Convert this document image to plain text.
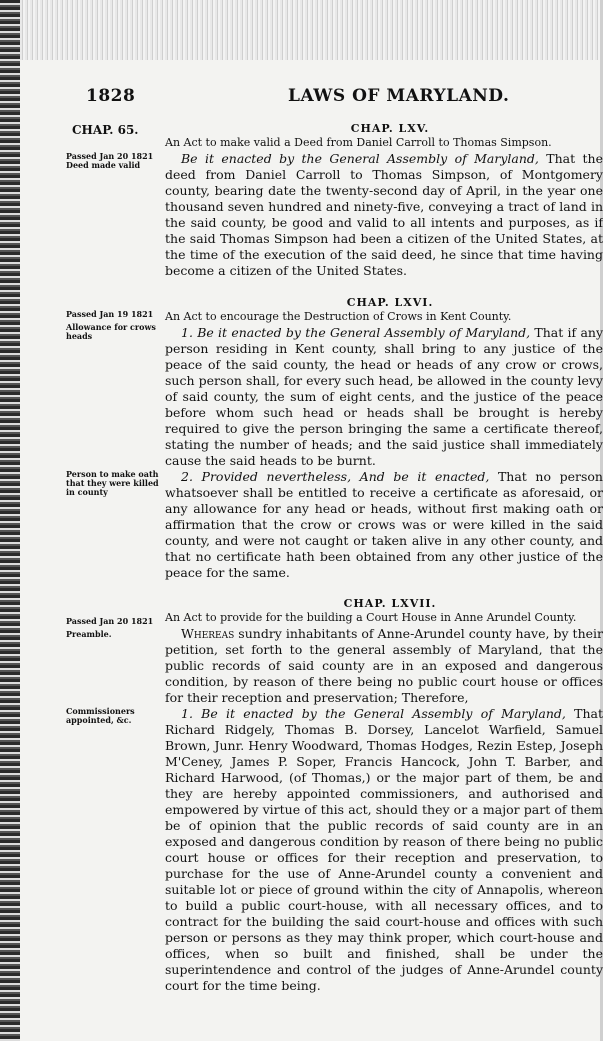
1828	LAWS OF MARYLAND.
CHAP. 65.
Passed Jan 20 1821 Deed made valid
CHAP. LXV.
An Act to make valid a Deed from Daniel Carroll to Thomas Simpson.

Be it enacted by the General Assembly of Maryland, That the deed from Daniel Carroll to Thomas Simpson, of Montgomery county, bearing date the twenty-second day of April, in the year one thousand seven hundred and ninety-five, conveying a tract of land in the said county, be good and valid to all intents and purposes, as if the said Thomas Simpson had been a citizen of the United States, at the time of the execution of the said deed, he since that time having become a citizen of the United States.

Passed Jan 19 1821
Allowance for crows heads
Person to make oath that they were killed in county
CHAP. LXVI.
An Act to encourage the Destruction of Crows in Kent County.

1. Be it enacted by the General Assembly of Maryland, That if any person residing in Kent county, shall bring to any justice of the peace of the said county, the head or heads of any crow or crows, such person shall, for every such head, be allowed in the county levy of said county, the sum of eight cents, and the justice of the peace before whom such head or heads shall be brought is hereby required to give the person bringing the same a certificate thereof, stating the number of heads; and the said justice shall immediately cause the said heads to be burnt.

2. Provided nevertheless, And be it enacted, That no person whatsoever shall be entitled to receive a certificate as aforesaid, or any allowance for any head or heads, without first making oath or affirmation that the crow or crows was or were killed in the said county, and were not caught or taken alive in any other county, and that no certificate hath been obtained from any other justice of the peace for the same.

Passed Jan 20 1821
Preamble.
Commissioners appointed, &c.
CHAP. LXVII.
An Act to provide for the building a Court House in Anne Arundel County.

Whereas sundry inhabitants of Anne-Arundel county have, by their petition, set forth to the general assembly of Maryland, that the public records of said county are in an exposed and dangerous condition, by reason of there being no public court house or offices for their reception and preservation; Therefore,

1. Be it enacted by the General Assembly of Maryland, That Richard Ridgely, Thomas B. Dorsey, Lancelot Warfield, Samuel Brown, Junr. Henry Woodward, Thomas Hodges, Rezin Estep, Joseph M'Ceney, James P. Soper, Francis Hancock, John T. Barber, and Richard Harwood, (of Thomas,) or the major part of them, be and they are hereby appointed commissioners, and authorised and empowered by virtue of this act, should they or a major part of them be of opinion that the public records of said county are in an exposed and dangerous condition by reason of there being no public court house or offices for their reception and preservation, to purchase for the use of Anne-Arundel county a convenient and suitable lot or piece of ground within the city of Annapolis, whereon to build a public court-house, with all necessary offices, and to contract for the building the said court-house and offices with such person or persons as they may think proper, which court-house and offices, when so built and finished, shall be under the superintendence and control of the judges of Anne-Arundel county court for the time being.
